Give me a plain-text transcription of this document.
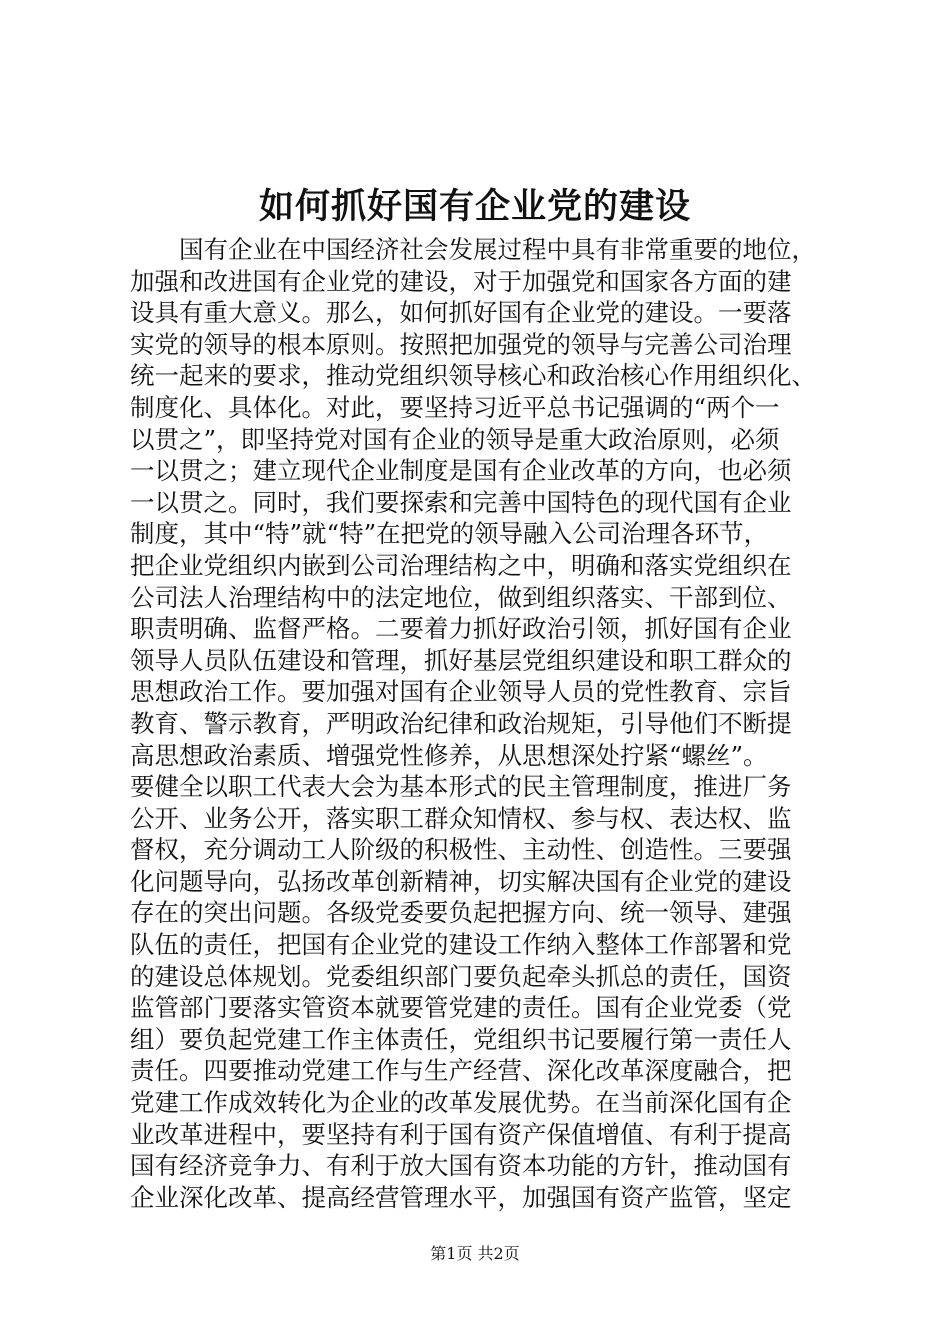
如何抓好国有企业党的建设
国有企业在中国经济社会发展过程中具有非常重要的地位，
加强和改进国有企业党的建设，对于加强党和国家各方面的建
设具有重大意义。那么，如何抓好国有企业党的建设。一要落
实党的领导的根本原则。按照把加强党的领导与完善公司治理
统一起来的要求，推动党组织领导核心和政治核心作用组织化、
制度化、具体化。对此，要坚持习近平总书记强调的“两个一
以贯之”，即坚持党对国有企业的领导是重大政治原则，必须
一以贯之；建立现代企业制度是国有企业改革的方向，也必须
一以贯之。同时，我们要探索和完善中国特色的现代国有企业
制度，其中“特”就“特”在把党的领导融入公司治理各环节，
把企业党组织内嵌到公司治理结构之中，明确和落实党组织在
公司法人治理结构中的法定地位，做到组织落实、干部到位、
职责明确、监督严格。二要着力抓好政治引领，抓好国有企业
领导人员队伍建设和管理，抓好基层党组织建设和职工群众的
思想政治工作。要加强对国有企业领导人员的党性教育、宗旨
教育、警示教育，严明政治纪律和政治规矩，引导他们不断提
高思想政治素质、增强党性修养，从思想深处拧紧“螺丝”。
要健全以职工代表大会为基本形式的民主管理制度，推进厂务
公开、业务公开，落实职工群众知情权、参与权、表达权、监
督权，充分调动工人阶级的积极性、主动性、创造性。三要强
化问题导向，弘扬改革创新精神，切实解决国有企业党的建设
存在的突出问题。各级党委要负起把握方向、统一领导、建强
队伍的责任，把国有企业党的建设工作纳入整体工作部署和党
的建设总体规划。党委组织部门要负起牵头抓总的责任，国资
监管部门要落实管资本就要管党建的责任。国有企业党委（党
组）要负起党建工作主体责任，党组织书记要履行第一责任人
责任。四要推动党建工作与生产经营、深化改革深度融合，把
党建工作成效转化为企业的改革发展优势。在当前深化国有企
业改革进程中，要坚持有利于国有资产保值增值、有利于提高
国有经济竞争力、有利于放大国有资本功能的方针，推动国有
企业深化改革、提高经营管理水平，加强国有资产监管，坚定
第1页 共2页
